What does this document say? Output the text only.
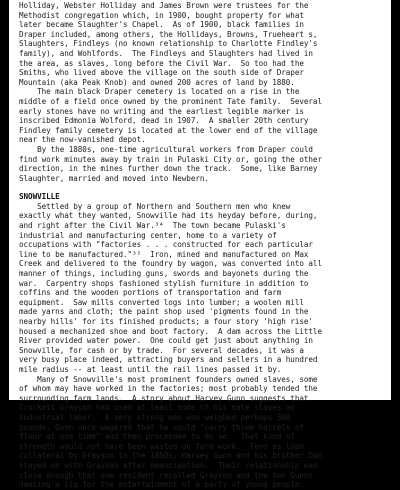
Holliday, Webster Holliday and James Brown were trustees for the
Methodist congregation which, in 1900, bought property for what
later became Slaughter's Chapel.  As of 1900, black families in
Draper included, among others, the Hollidays, Browns, Trueheart s,
Slaughters, Findleys (no known relationship to Charlotte Findley's
family), and Wohlfords.  The Findleys and Slaughters had lived in
the area, as slaves, long before the Civil War.  So too had the
Smiths, who lived above the village on the south side of Draper
Mountain (aka Peak Knob) and owned 200 acres of land by 1880.
The main black Draper cemetery is located on a rise in the
middle of a field once owned by the prominent Tate family.  Several
early stones have no writing and the earliest legible marker is
inscribed Edmonia Wolford, dead in 1907.  A smaller 20th century
Findley family cemetery is located at the lower end of the village
near the now-vanished depot.
By the 1880s, one-time agricultural workers from Draper could
find work minutes away by train in Pulaski City or, going the other
direction, in the mines further down the track.  Some, like Barney
Slaughter, married and moved into Newbern.
SNOWVILLE
Settled by a group of Northern and Southern men who knew
exactly what they wanted, Snowville had its heyday before, during,
and right after the Civil War.³⁴  The town became Pulaski's
industrial and manufacturing center, home to a variety of
occupations with "factories . . . constructed for each particular
line to be manufactured."³⁵  Iron, mined and manufactured on Max
Creek and delivered to the foundry by wagon, was converted into all
manner of things, including guns, swords and bayonets during the
war.  Carpentry shops fashioned stylish furniture in addition to
coffins and the wooden portions of transportation and farm
equipment.  Saw mills converted logs into lumber; a woolen mill
made yarns and cloth; the paint shop used 'pigments found in the
nearby hills' for its finished products; a four story 'high rise'
housed a mechanized shoe and boot factory.  A dam across the Little
River provided water power.  One could get just about anything in
Snowville, for cash or by trade.  For several decades, it was a
very busy place indeed, attracting buyers and sellers in a hundred
mile radius -- at least until the rail lines passed it by.
Many of Snowville's most prominent founders owned slaves, some
of whom may have worked in the factories; most probably tended the
surrounding farm lands.  A story about Harvey Gunn suggests that
Crockett Grayson had used at least some of his male slaves as
industrial labor.  A very strong man who weighed perhaps 300
pounds, Gunn once wagered that he could "carry three barrels of
flour at one time" and then proceeded to do so.  That kind of
strength would not have been wasted on farm work.  Tend as loan
collateral by Grayson in the 1850s, Harvey Gunn and his brother Dan
stayed on with Grayson after emancipation.  Their relationship was
close enough that one resident recalled Grayson and the two Gunns
dancing a jig for the entertainment of a party of young people.
